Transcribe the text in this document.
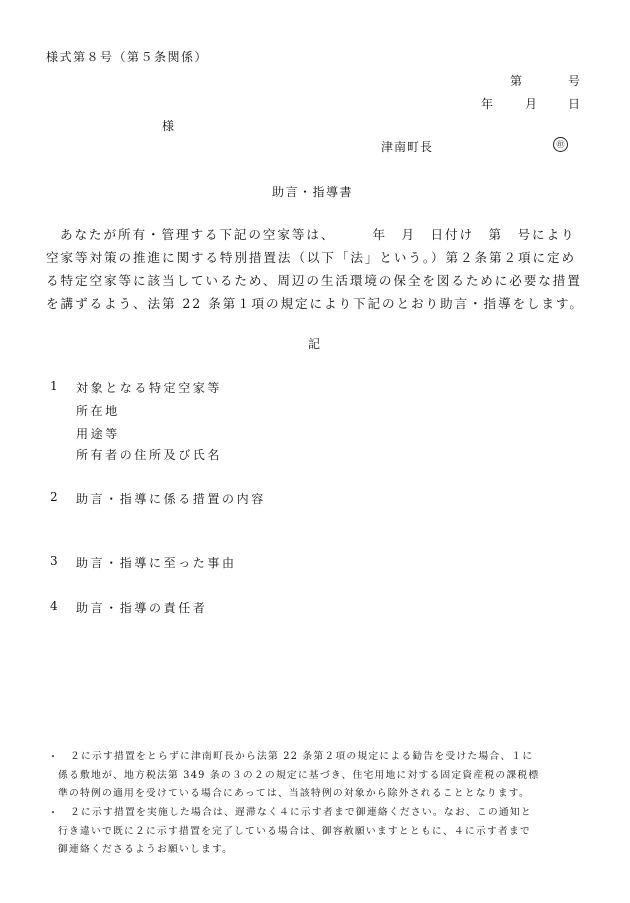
様式第８号（第５条関係）
第	号
年	月	日
様
津南町長	㊞
助言・指導書
あなたが所有・管理する下記の空家等は、　　　年　月　日付け　第　号により
空家等対策の推進に関する特別措置法（以下「法」という。）第２条第２項に定め
る特定空家等に該当しているため、周辺の生活環境の保全を図るために必要な措置
を講ずるよう、法第 22 条第１項の規定により下記のとおり助言・指導をします。
記
1 対象となる特定空家等
所在地
用途等
所有者の住所及び氏名
2 助言・指導に係る措置の内容
3 助言・指導に至った事由
4 助言・指導の責任者
・ ２に示す措置をとらずに津南町長から法第 22 条第２項の規定による勧告を受けた場合、１に
係る敷地が、地方税法第 349 条の３の２の規定に基づき、住宅用地に対する固定資産税の課税標
準の特例の適用を受けている場合にあっては、当該特例の対象から除外されることとなります。
・ ２に示す措置を実施した場合は、遅滞なく４に示す者まで御連絡ください。なお、この通知と
行き違いで既に２に示す措置を完了している場合は、御容赦願いますとともに、４に示す者まで
御連絡くださるようお願いします。
